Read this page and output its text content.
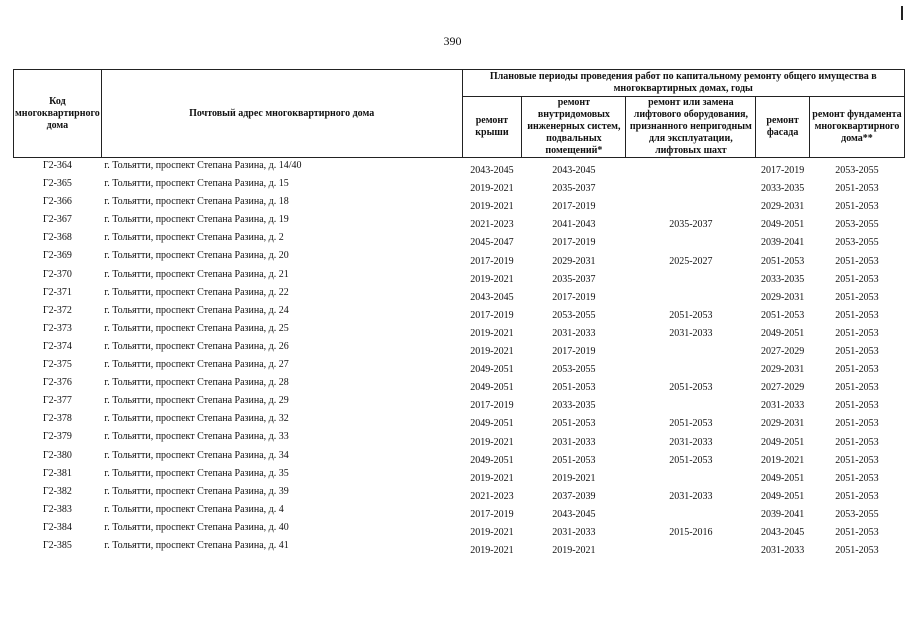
390
Код многоквартирного дома	Почтовый адрес многоквартирного дома	Плановые периоды проведения работ по капитальному ремонту общего имущества в многоквартирных домах, годы				
		ремонт крыши	ремонт внутридомовых инженерных систем, подвальных помещений*	ремонт или замена лифтового оборудования, признанного непригодным для эксплуатации, лифтовых шахт	ремонт фасада	ремонт фундамента многоквартирного дома**
Г2-364	г. Тольятти, проспект Степана Разина, д. 14/40	2043-2045	2043-2045		2017-2019	2053-2055
Г2-365	г. Тольятти, проспект Степана Разина, д. 15	2019-2021	2035-2037		2033-2035	2051-2053
Г2-366	г. Тольятти, проспект Степана Разина, д. 18	2019-2021	2017-2019		2029-2031	2051-2053
Г2-367	г. Тольятти, проспект Степана Разина, д. 19	2021-2023	2041-2043	2035-2037	2049-2051	2053-2055
Г2-368	г. Тольятти, проспект Степана Разина, д. 2	2045-2047	2017-2019		2039-2041	2053-2055
Г2-369	г. Тольятти, проспект Степана Разина, д. 20	2017-2019	2029-2031	2025-2027	2051-2053	2051-2053
Г2-370	г. Тольятти, проспект Степана Разина, д. 21	2019-2021	2035-2037		2033-2035	2051-2053
Г2-371	г. Тольятти, проспект Степана Разина, д. 22	2043-2045	2017-2019		2029-2031	2051-2053
Г2-372	г. Тольятти, проспект Степана Разина, д. 24	2017-2019	2053-2055	2051-2053	2051-2053	2051-2053
Г2-373	г. Тольятти, проспект Степана Разина, д. 25	2019-2021	2031-2033	2031-2033	2049-2051	2051-2053
Г2-374	г. Тольятти, проспект Степана Разина, д. 26	2019-2021	2017-2019		2027-2029	2051-2053
Г2-375	г. Тольятти, проспект Степана Разина, д. 27	2049-2051	2053-2055		2029-2031	2051-2053
Г2-376	г. Тольятти, проспект Степана Разина, д. 28	2049-2051	2051-2053	2051-2053	2027-2029	2051-2053
Г2-377	г. Тольятти, проспект Степана Разина, д. 29	2017-2019	2033-2035		2031-2033	2051-2053
Г2-378	г. Тольятти, проспект Степана Разина, д. 32	2049-2051	2051-2053	2051-2053	2029-2031	2051-2053
Г2-379	г. Тольятти, проспект Степана Разина, д. 33	2019-2021	2031-2033	2031-2033	2049-2051	2051-2053
Г2-380	г. Тольятти, проспект Степана Разина, д. 34	2049-2051	2051-2053	2051-2053	2019-2021	2051-2053
Г2-381	г. Тольятти, проспект Степана Разина, д. 35	2019-2021	2019-2021		2049-2051	2051-2053
Г2-382	г. Тольятти, проспект Степана Разина, д. 39	2021-2023	2037-2039	2031-2033	2049-2051	2051-2053
Г2-383	г. Тольятти, проспект Степана Разина, д. 4	2017-2019	2043-2045		2039-2041	2053-2055
Г2-384	г. Тольятти, проспект Степана Разина, д. 40	2019-2021	2031-2033	2015-2016	2043-2045	2051-2053
Г2-385	г. Тольятти, проспект Степана Разина, д. 41	2019-2021	2019-2021		2031-2033	2051-2053
